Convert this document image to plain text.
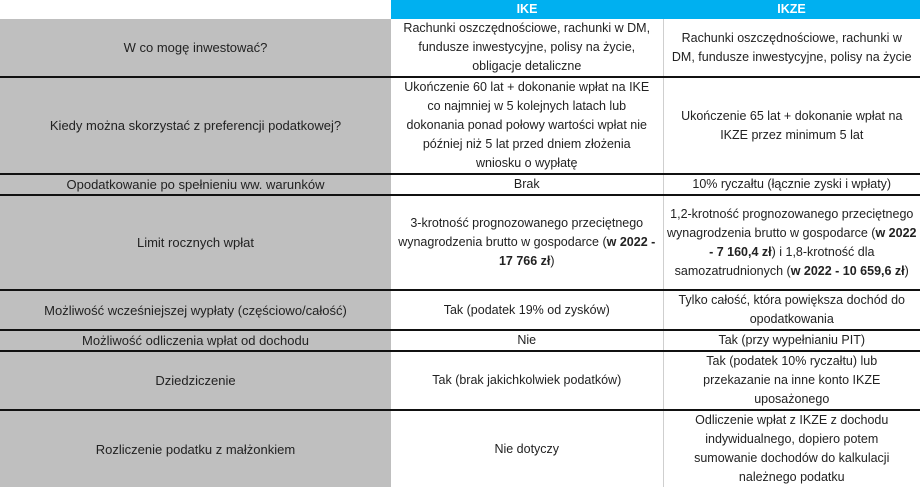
	IKE	IKZE
W co mogę inwestować?	Rachunki oszczędnościowe, rachunki w DM, fundusze inwestycyjne, polisy na życie, obligacje detaliczne	Rachunki oszczędnościowe, rachunki w DM, fundusze inwestycyjne, polisy na życie
Kiedy można skorzystać z preferencji podatkowej?	Ukończenie 60 lat + dokonanie wpłat na IKE co najmniej w 5 kolejnych latach lub dokonania ponad połowy wartości wpłat nie później niż 5 lat przed dniem złożenia wniosku o wypłatę	Ukończenie 65 lat + dokonanie wpłat na IKZE przez minimum 5 lat
Opodatkowanie po spełnieniu ww. warunków	Brak	10% ryczałtu (łącznie zyski i wpłaty)
Limit rocznych wpłat	3-krotność prognozowanego przeciętnego wynagrodzenia brutto w gospodarce (w 2022 - 17 766 zł)	1,2-krotność prognozowanego przeciętnego wynagrodzenia brutto w gospodarce (w 2022 - 7 160,4 zł) i 1,8-krotność dla samozatrudnionych (w 2022 - 10 659,6 zł)
Możliwość wcześniejszej wypłaty (częściowo/całość)	Tak (podatek 19% od zysków)	Tylko całość, która powiększa dochód do opodatkowania
Możliwość odliczenia wpłat od dochodu	Nie	Tak (przy wypełnianiu PIT)
Dziedziczenie	Tak (brak jakichkolwiek podatków)	Tak (podatek 10% ryczałtu) lub przekazanie na inne konto IKZE uposażonego
Rozliczenie podatku z małżonkiem	Nie dotyczy	Odliczenie wpłat z IKZE z dochodu indywidualnego, dopiero potem sumowanie dochodów do kalkulacji należnego podatku
